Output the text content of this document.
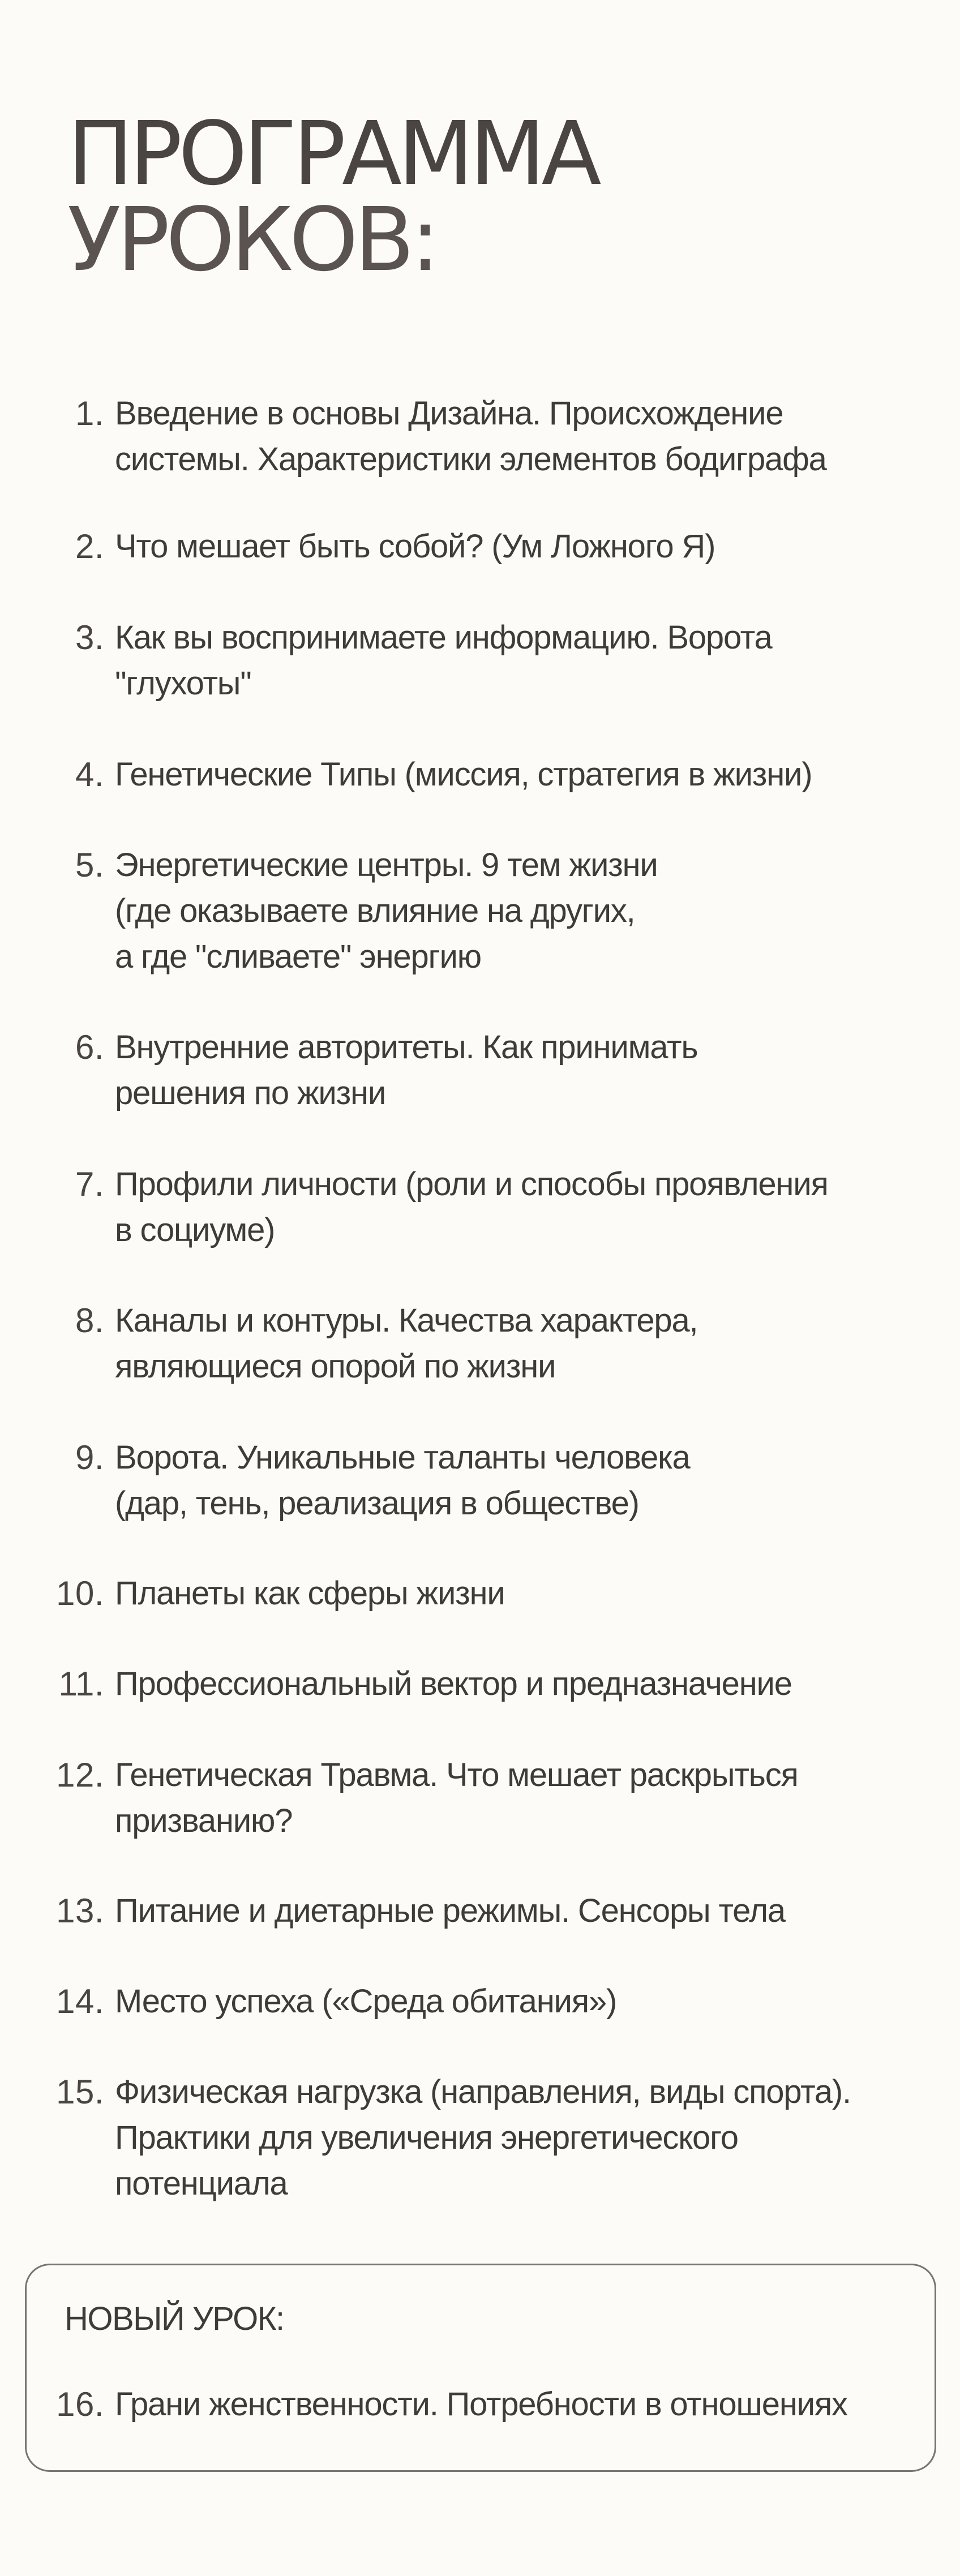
ПРОГРАММА
УРОКОВ:
1. Введение в основы Дизайна. Происхождение
системы. Характеристики элементов бодиграфа
2. Что мешает быть собой? (Ум Ложного Я)
3. Как вы воспринимаете информацию. Ворота
"глухоты"
4. Генетические Типы (миссия, стратегия в жизни)
5. Энергетические центры. 9 тем жизни
(где оказываете влияние на других,
а где "сливаете" энергию
6. Внутренние авторитеты. Как принимать
решения по жизни
7. Профили личности (роли и способы проявления
в социуме)
8. Каналы и контуры. Качества характера,
являющиеся опорой по жизни
9. Ворота. Уникальные таланты человека
(дар, тень, реализация в обществе)
10. Планеты как сферы жизни
11. Профессиональный вектор и предназначение
12. Генетическая Травма. Что мешает раскрыться
призванию?
13. Питание и диетарные режимы. Сенсоры тела
14. Место успеха («Среда обитания»)
15. Физическая нагрузка (направления, виды спорта).
Практики для увеличения энергетического
потенциала
НОВЫЙ УРОК:
16. Грани женственности. Потребности в отношениях
